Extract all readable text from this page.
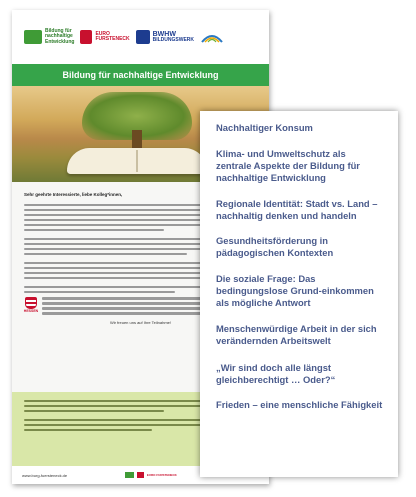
Bildung für
nachhaltige
Entwicklung
EURO
FURSTENECK
BWHW
BILDUNGSWERK
Bildung für nachhaltige Entwicklung
Sehr geehrte Interessierte, liebe Kolleg*innen,
HESSEN
Wir freuen uns auf Ihre Teilnahme!
www.burg-fuersteneck.de	EURO FURSTENECK

Nachhaltiger Konsum

Klima- und Umweltschutz als zentrale Aspekte der Bildung für nachhaltige Entwicklung

Regionale Identität: Stadt vs. Land – nachhaltig denken und handeln

Gesundheitsförderung in pädagogischen Kontexten

Die soziale Frage: Das bedingungslose Grund-einkommen als mögliche Antwort

Menschenwürdige Arbeit in der sich verändernden Arbeitswelt

„Wir sind doch alle längst gleichberechtigt … Oder?“

Frieden – eine menschliche Fähigkeit
